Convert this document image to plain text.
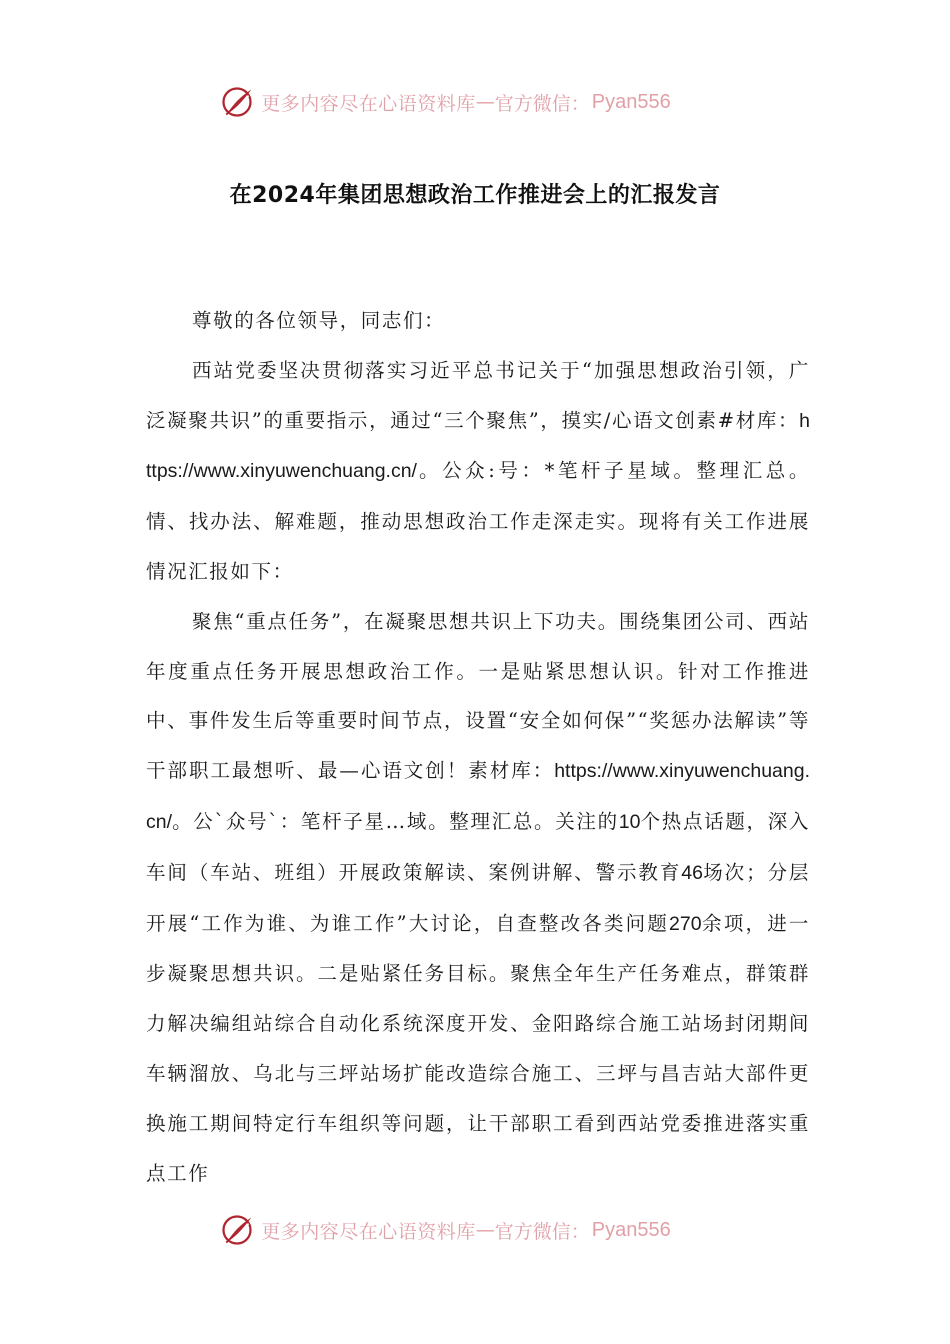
更多内容尽在心语资料库 — 官方微信： Pyan556
在2024年集团思想政治工作推进会上的汇报发言

尊敬的各位领导，同志们：

西站党委坚决贯彻落实习近平总书记关于“加强思想政治引领，广泛凝聚共识”的重要指示，通过“三个聚焦”，摸实/心语文创素#材库：https://www.xinyuwenchuang.cn/。公众:号：*笔杆子星域。整理汇总。情、找办法、解难题，推动思想政治工作走深走实。现将有关工作进展情况汇报如下：

聚焦“重点任务”，在凝聚思想共识上下功夫。围绕集团公司、西站年度重点任务开展思想政治工作。一是贴紧思想认识。针对工作推进中、事件发生后等重要时间节点，设置“安全如何保”“奖惩办法解读”等干部职工最想听、最—心语文创！素材库：https://www.xinyuwenchuang.cn/。公`众号`：笔杆子星…域。整理汇总。关注的10个热点话题，深入车间（车站、班组）开展政策解读、案例讲解、警示教育46场次；分层开展“工作为谁、为谁工作”大讨论，自查整改各类问题270余项，进一步凝聚思想共识。二是贴紧任务目标。聚焦全年生产任务难点，群策群力解决编组站综合自动化系统深度开发、金阳路综合施工站场封闭期间车辆溜放、乌北与三坪站场扩能改造综合施工、三坪与昌吉站大部件更换施工期间特定行车组织等问题，让干部职工看到西站党委推进落实重点工作

更多内容尽在心语资料库 — 官方微信： Pyan556
